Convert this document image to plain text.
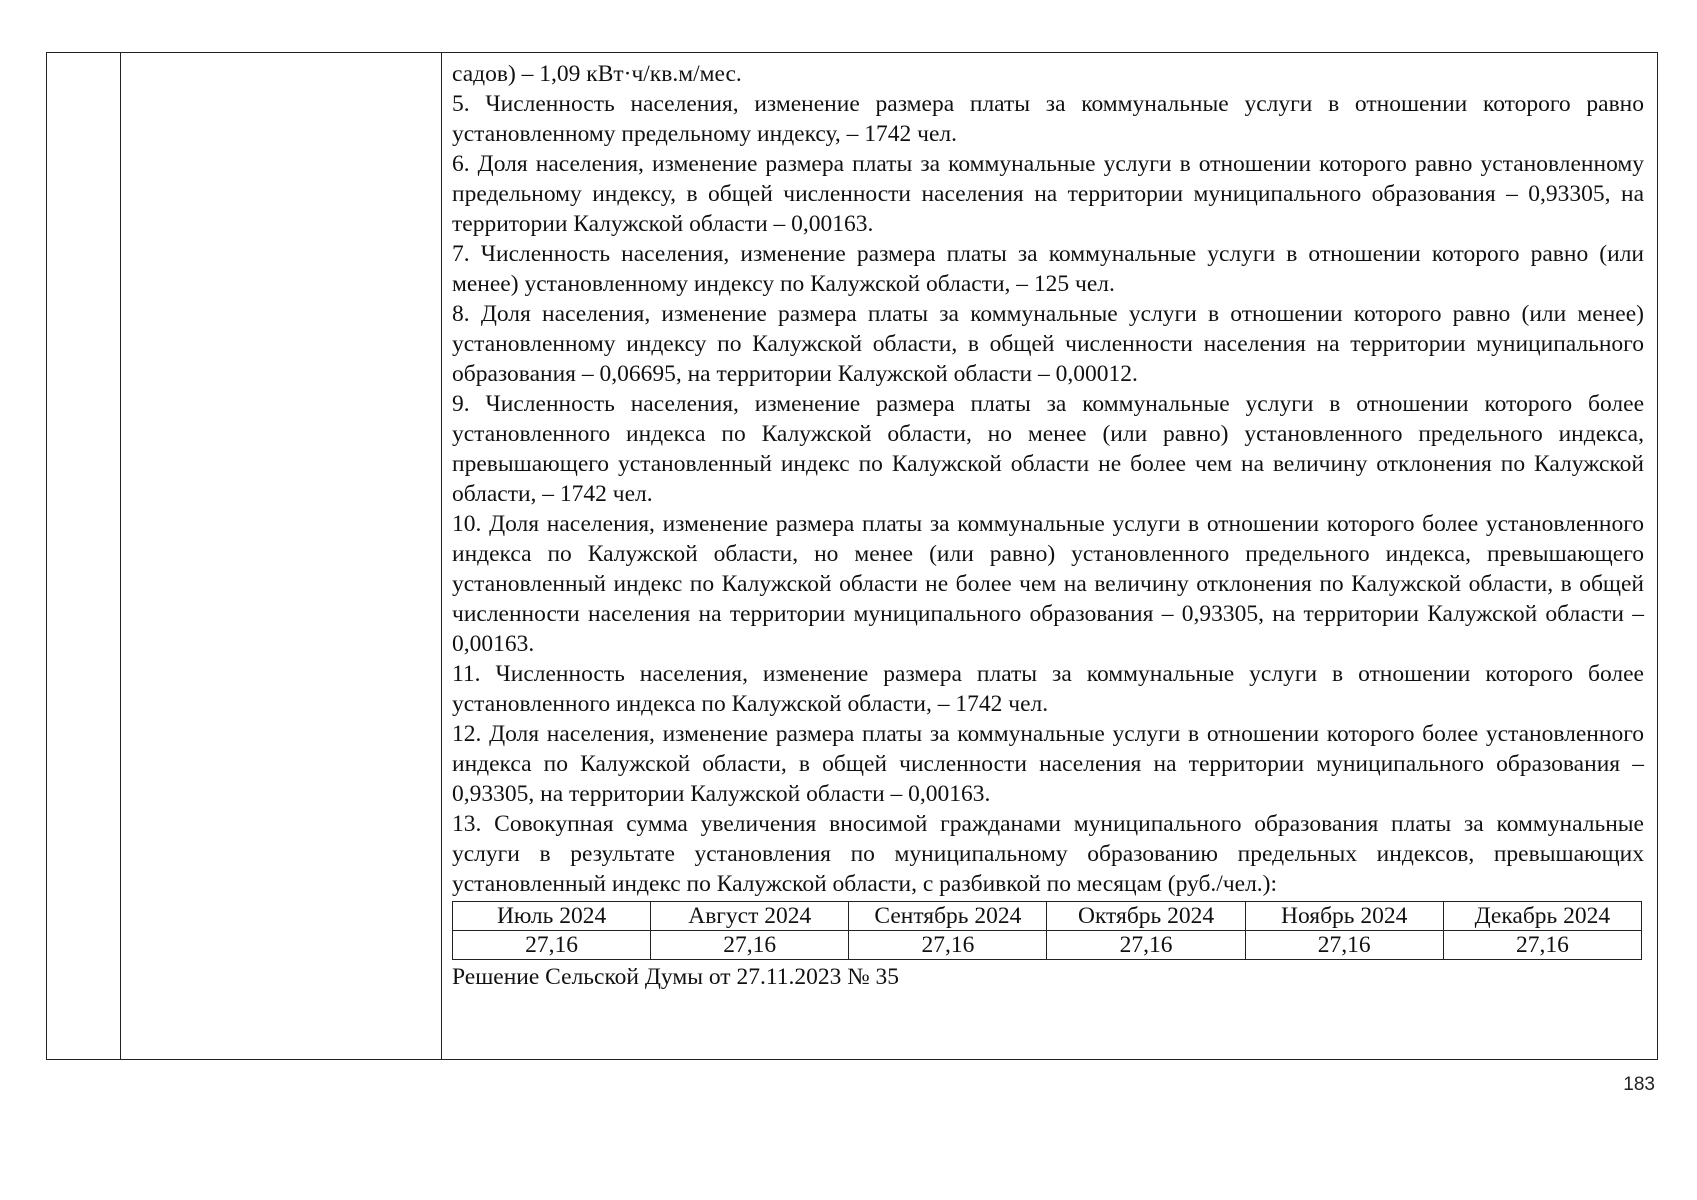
садов) – 1,09 кВт·ч/кв.м/мес.

5. Численность населения, изменение размера платы за коммунальные услуги в отношении которого равно установленному предельному индексу, – 1742 чел.

6. Доля населения, изменение размера платы за коммунальные услуги в отношении которого равно установленному предельному индексу, в общей численности населения на территории муниципального образования – 0,93305, на территории Калужской области – 0,00163.

7. Численность населения, изменение размера платы за коммунальные услуги в отношении которого равно (или менее) установленному индексу по Калужской области, – 125 чел.

8. Доля населения, изменение размера платы за коммунальные услуги в отношении которого равно (или менее) установленному индексу по Калужской области, в общей численности населения на территории муниципального образования – 0,06695, на территории Калужской области – 0,00012.

9. Численность населения, изменение размера платы за коммунальные услуги в отношении которого более установленного индекса по Калужской области, но менее (или равно) установленного предельного индекса, превышающего установленный индекс по Калужской области не более чем на величину отклонения по Калужской области, – 1742 чел.

10. Доля населения, изменение размера платы за коммунальные услуги в отношении которого более установленного индекса по Калужской области, но менее (или равно) установленного предельного индекса, превышающего установленный индекс по Калужской области не более чем на величину отклонения по Калужской области, в общей численности населения на территории муниципального образования – 0,93305, на территории Калужской области – 0,00163.

11. Численность населения, изменение размера платы за коммунальные услуги в отношении которого более установленного индекса по Калужской области, – 1742 чел.

12. Доля населения, изменение размера платы за коммунальные услуги в отношении которого более установленного индекса по Калужской области, в общей численности населения на территории муниципального образования – 0,93305, на территории Калужской области – 0,00163.

13. Совокупная сумма увеличения вносимой гражданами муниципального образования платы за коммунальные услуги в результате установления по муниципальному образованию предельных индексов, превышающих установленный индекс по Калужской области, с разбивкой по месяцам (руб./чел.):

Июль 2024	Август 2024	Сентябрь 2024	Октябрь 2024	Ноябрь 2024	Декабрь 2024
27,16	27,16	27,16	27,16	27,16	27,16

Решение Сельской Думы от 27.11.2023 № 35

183
